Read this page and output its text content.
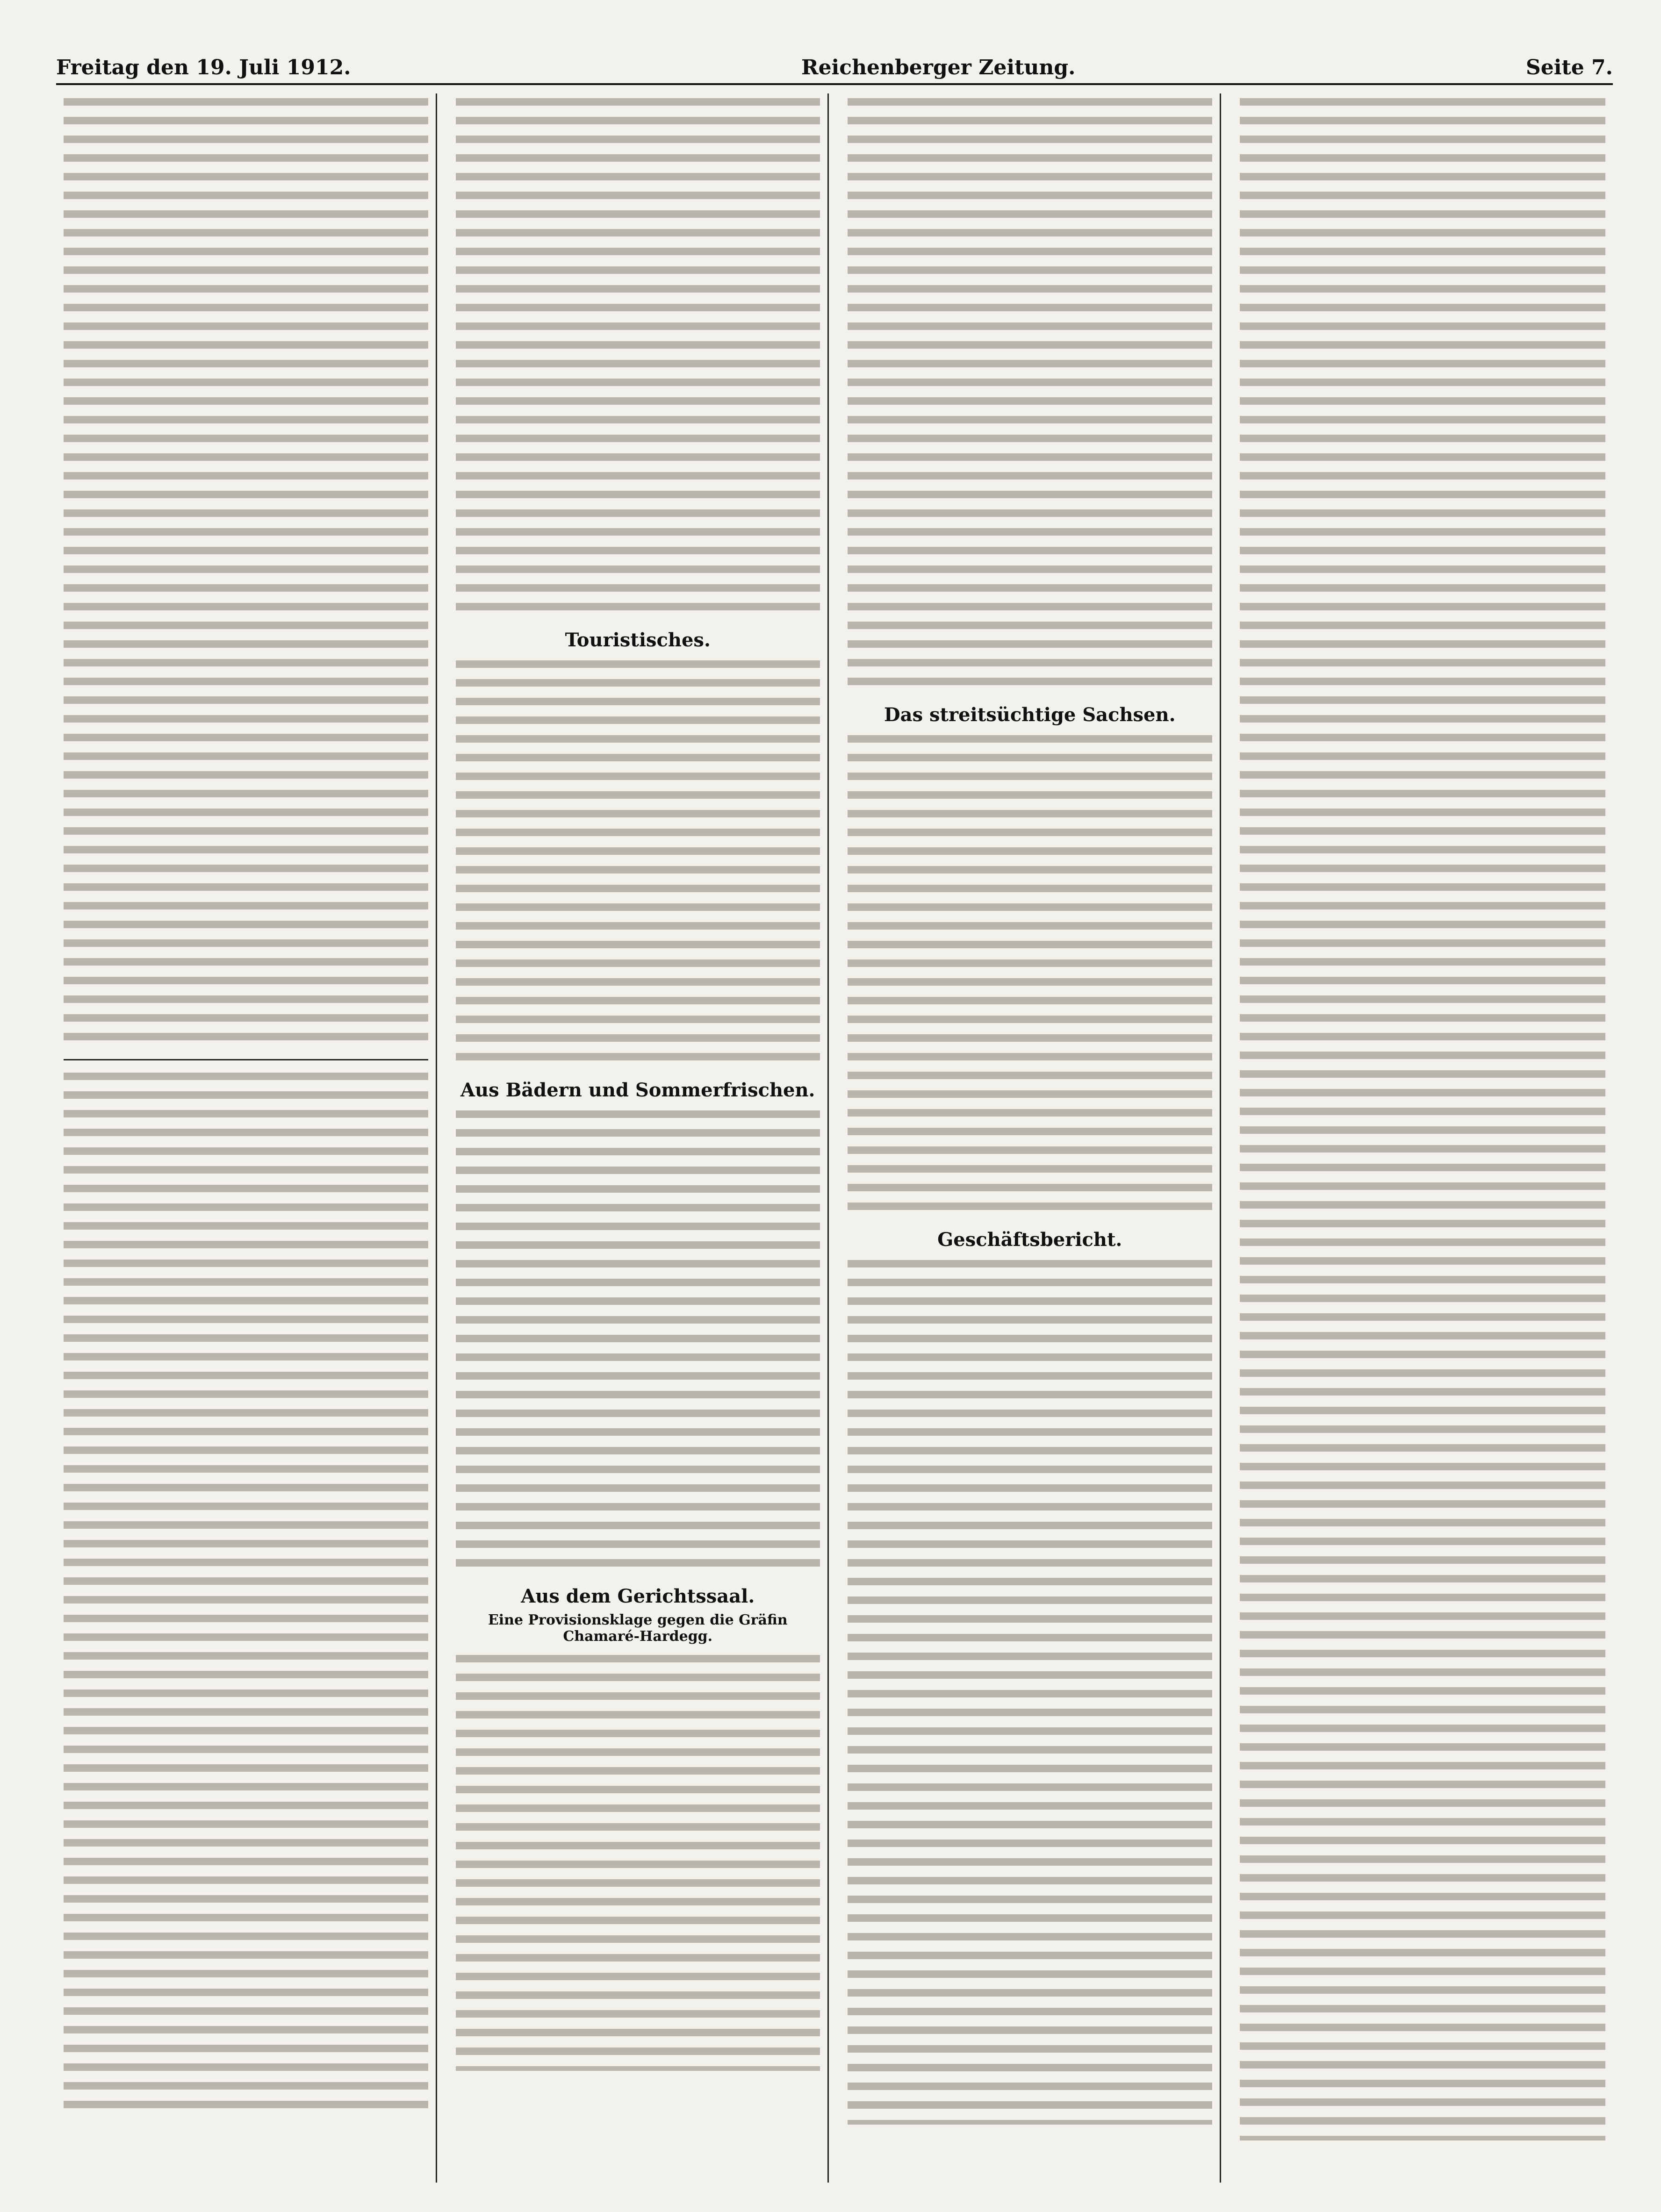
Freitag den 19. Juli 1912.	Reichenberger Zeitung.	Seite 7.
Touristisches.
Aus Bädern und Sommerfrischen.
Aus dem Gerichtssaal.
Eine Provisionsklage gegen die Gräfin Chamaré-Hardegg.
Das streitsüchtige Sachsen.
Geschäftsbericht.
